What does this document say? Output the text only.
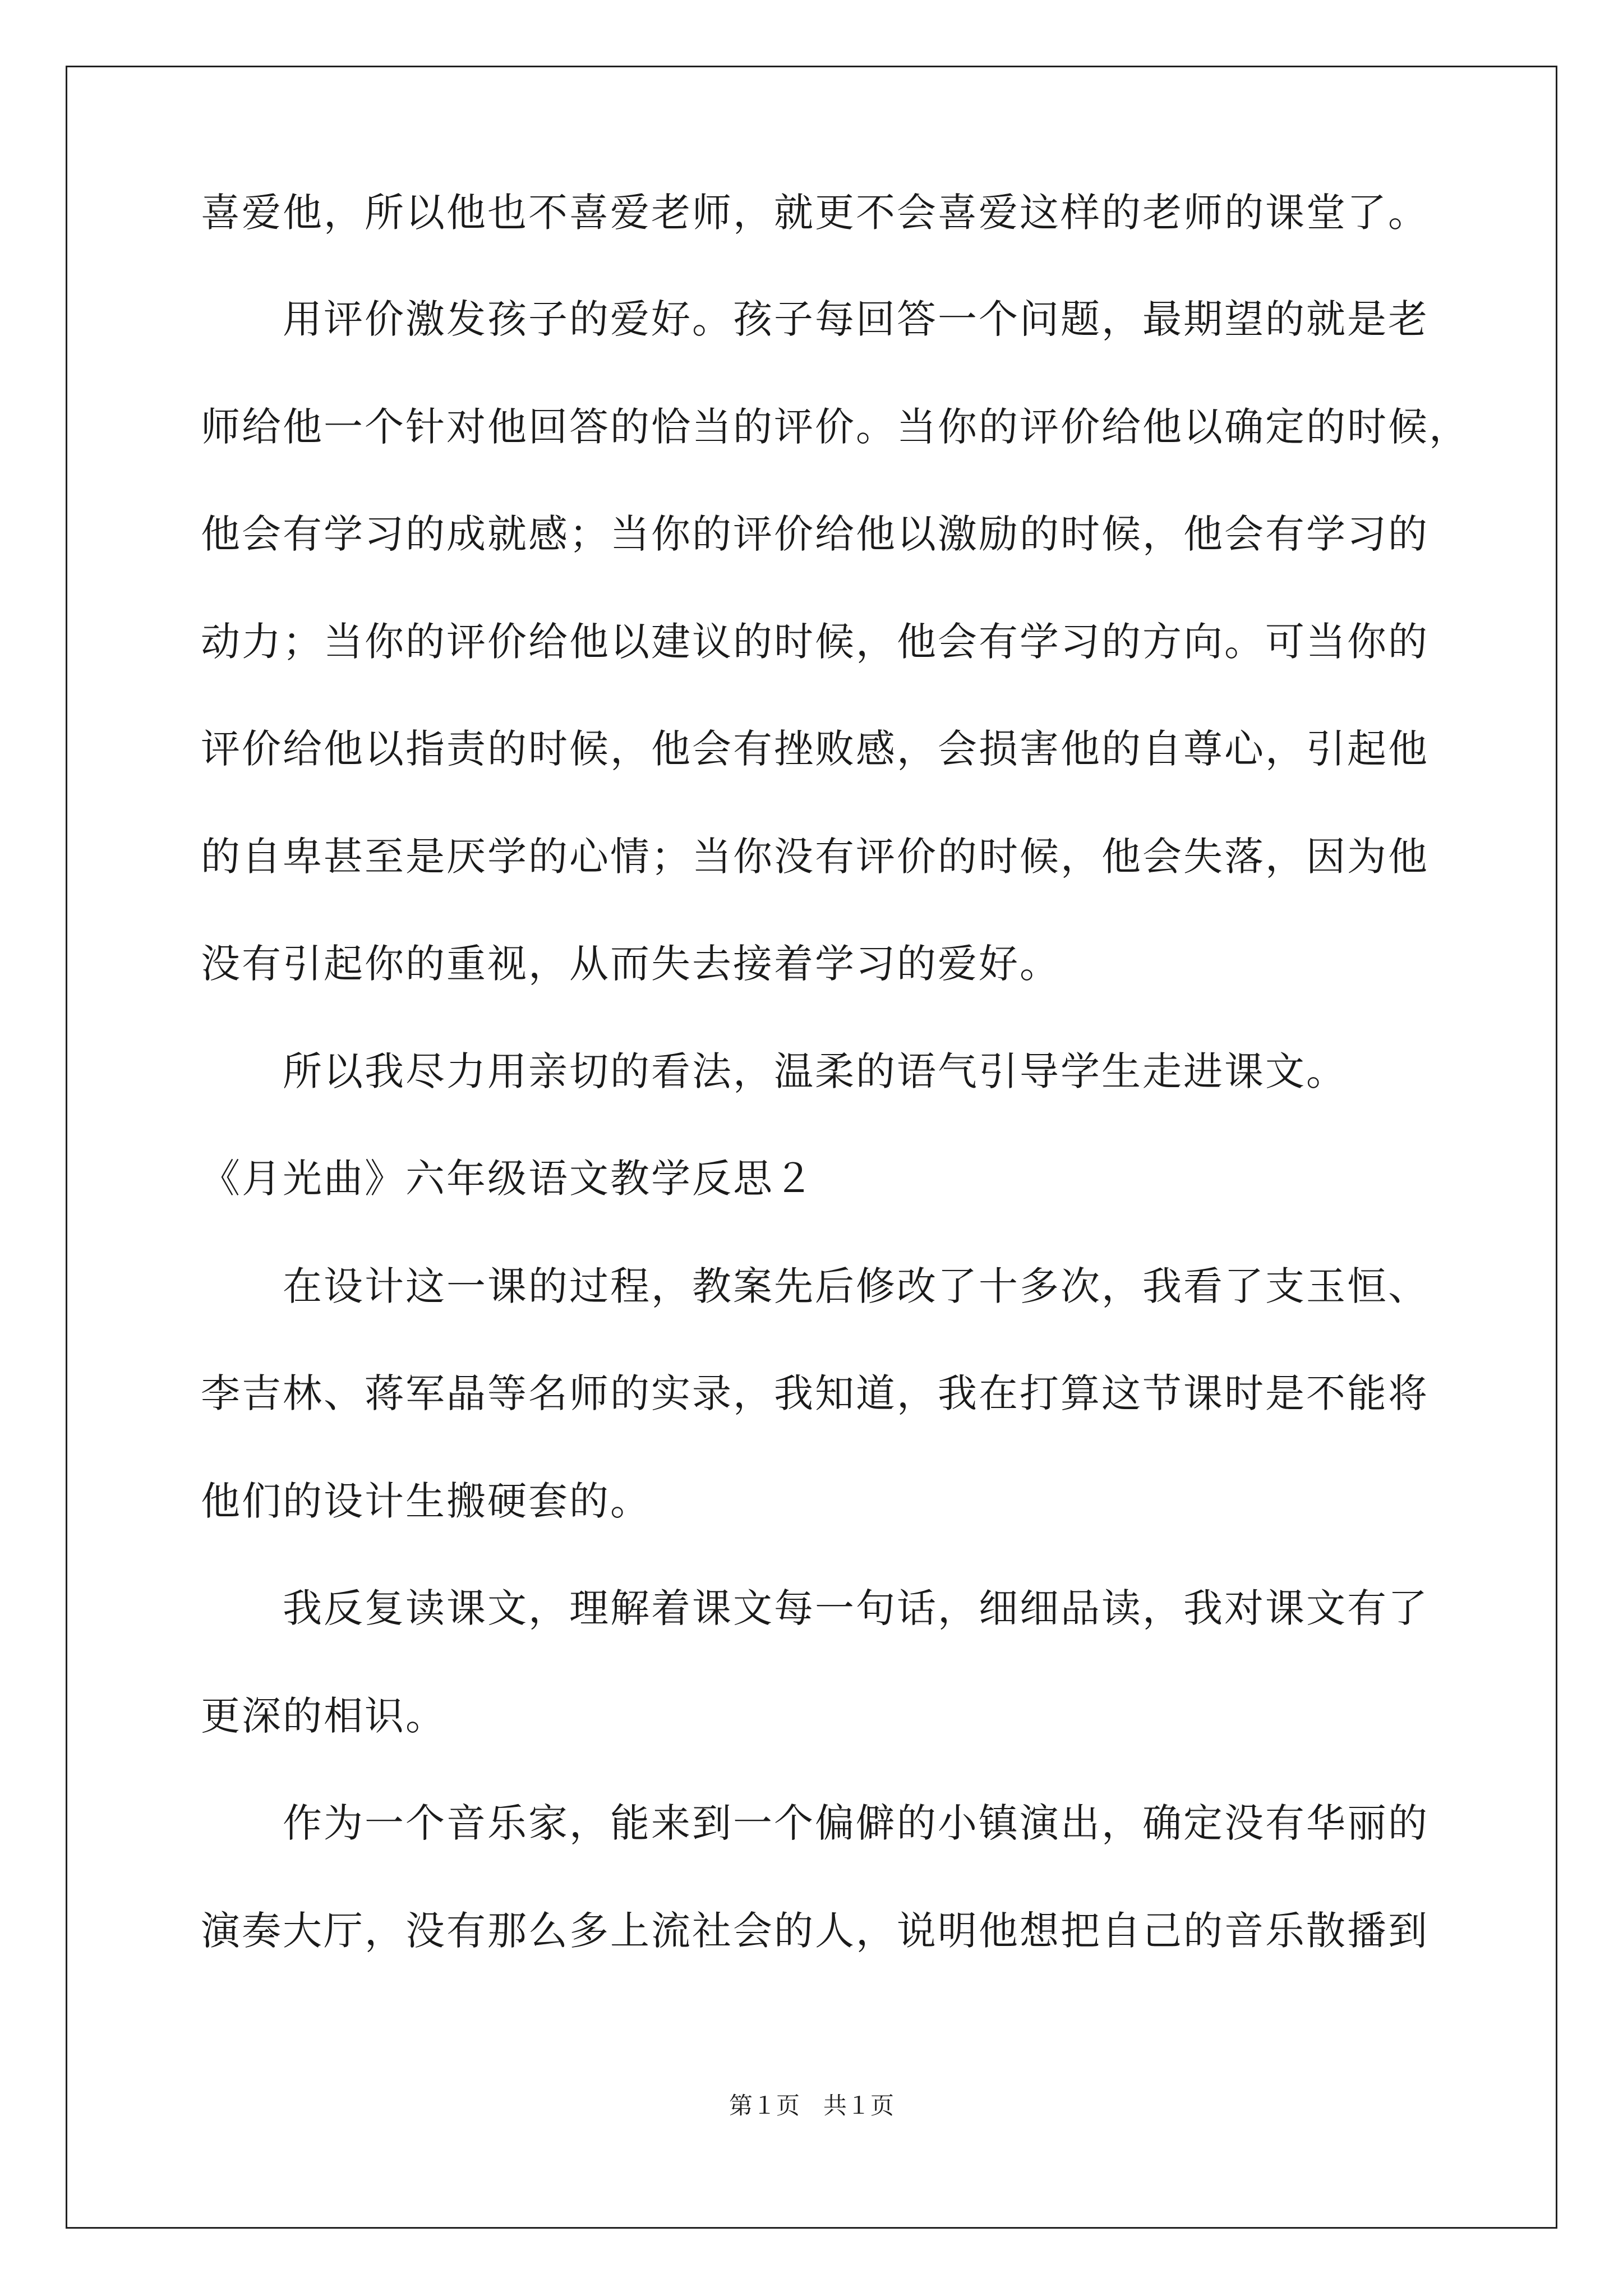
喜爱他，所以他也不喜爱老师，就更不会喜爱这样的老师的课堂了。
　　用评价激发孩子的爱好。孩子每回答一个问题，最期望的就是老
师给他一个针对他回答的恰当的评价。当你的评价给他以确定的时候，
他会有学习的成就感；当你的评价给他以激励的时候，他会有学习的
动力；当你的评价给他以建议的时候，他会有学习的方向。可当你的
评价给他以指责的时候，他会有挫败感，会损害他的自尊心，引起他
的自卑甚至是厌学的心情；当你没有评价的时候，他会失落，因为他
没有引起你的重视，从而失去接着学习的爱好。
　　所以我尽力用亲切的看法，温柔的语气引导学生走进课文。
《月光曲》六年级语文教学反思２
　　在设计这一课的过程，教案先后修改了十多次，我看了支玉恒、
李吉林、蒋军晶等名师的实录，我知道，我在打算这节课时是不能将
他们的设计生搬硬套的。
　　我反复读课文，理解着课文每一句话，细细品读，我对课文有了
更深的相识。
　　作为一个音乐家，能来到一个偏僻的小镇演出，确定没有华丽的
演奏大厅，没有那么多上流社会的人，说明他想把自己的音乐散播到
第１页　共１页
